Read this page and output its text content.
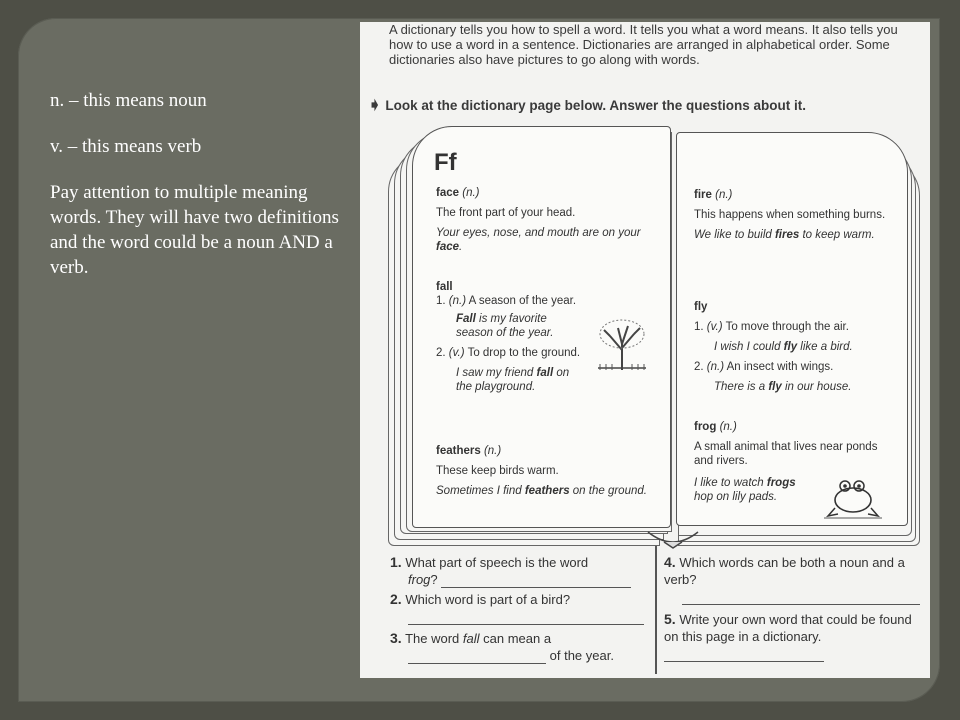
n. – this means noun

v. – this means verb

Pay attention to multiple meaning words. They will have two definitions and the word could be a noun AND a verb.

A dictionary tells you how to spell a word. It tells you what a word means. It also tells you how to use a word in a sentence. Dictionaries are arranged in alphabetical order. Some dictionaries also have pictures to go along with words.
➧ Look at the dictionary page below. Answer the questions about it.
Ff
face (n.)
The front part of your head.
Your eyes, nose, and mouth are on your face.
fall
1. (n.) A season of the year.
Fall is my favorite season of the year.
2. (v.) To drop to the ground.
I saw my friend fall on the playground.
feathers (n.)
These keep birds warm.
Sometimes I find feathers on the ground.
fire (n.)
This happens when something burns.
We like to build fires to keep warm.
fly
1. (v.) To move through the air.
I wish I could fly like a bird.
2. (n.) An insect with wings.
There is a fly in our house.
frog (n.)
A small animal that lives near ponds and rivers.
I like to watch frogs hop on lily pads.
1. What part of speech is the word
frog?
2. Which word is part of a bird?

3. The word fall can mean a
of the year.
4. Which words can be both a noun and a verb?

5. Write your own word that could be found on this page in a dictionary.
